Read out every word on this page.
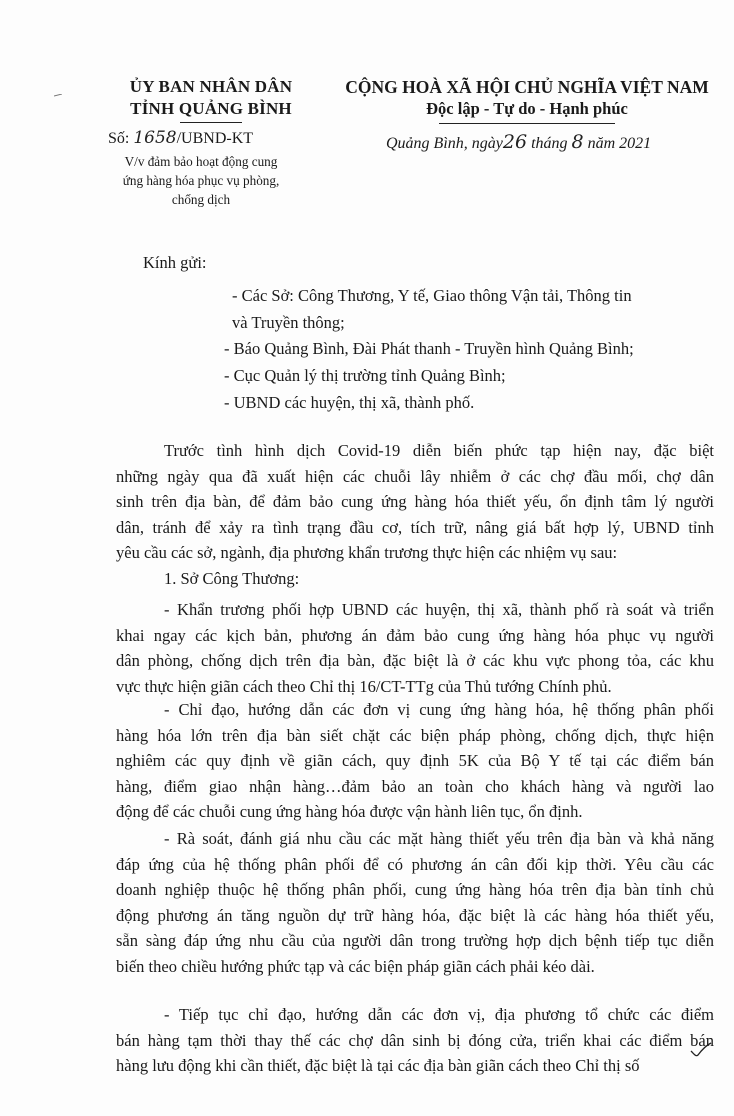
ỦY BAN NHÂN DÂN
TỈNH QUẢNG BÌNH
CỘNG HOÀ XÃ HỘI CHỦ NGHĨA VIỆT NAM
Độc lập - Tự do - Hạnh phúc
Số: 1658/UBND-KT
V/v đảm bảo hoạt động cung
ứng hàng hóa phục vụ phòng,
chống dịch
Quảng Bình, ngày26 tháng 8 năm 2021
Kính gửi:
- Các Sở: Công Thương, Y tế, Giao thông Vận tải, Thông tin
và Truyền thông;
- Báo Quảng Bình, Đài Phát thanh - Truyền hình Quảng Bình;
- Cục Quản lý thị trường tỉnh Quảng Bình;
- UBND các huyện, thị xã, thành phố.
Trước tình hình dịch Covid-19 diễn biến phức tạp hiện nay, đặc biệt
những ngày qua đã xuất hiện các chuỗi lây nhiễm ở các chợ đầu mối, chợ dân
sinh trên địa bàn, để đảm bảo cung ứng hàng hóa thiết yếu, ổn định tâm lý người
dân, tránh để xảy ra tình trạng đầu cơ, tích trữ, nâng giá bất hợp lý, UBND tỉnh
yêu cầu các sở, ngành, địa phương khẩn trương thực hiện các nhiệm vụ sau:
1. Sở Công Thương:
- Khẩn trương phối hợp UBND các huyện, thị xã, thành phố rà soát và triển
khai ngay các kịch bản, phương án đảm bảo cung ứng hàng hóa phục vụ người
dân phòng, chống dịch trên địa bàn, đặc biệt là ở các khu vực phong tỏa, các khu
vực thực hiện giãn cách theo Chỉ thị 16/CT-TTg của Thủ tướng Chính phủ.
- Chỉ đạo, hướng dẫn các đơn vị cung ứng hàng hóa, hệ thống phân phối
hàng hóa lớn trên địa bàn siết chặt các biện pháp phòng, chống dịch, thực hiện
nghiêm các quy định về giãn cách, quy định 5K của Bộ Y tế tại các điểm bán
hàng, điểm giao nhận hàng…đảm bảo an toàn cho khách hàng và người lao
động để các chuỗi cung ứng hàng hóa được vận hành liên tục, ổn định.
- Rà soát, đánh giá nhu cầu các mặt hàng thiết yếu trên địa bàn và khả năng
đáp ứng của hệ thống phân phối để có phương án cân đối kịp thời. Yêu cầu các
doanh nghiệp thuộc hệ thống phân phối, cung ứng hàng hóa trên địa bàn tỉnh chủ
động phương án tăng nguồn dự trữ hàng hóa, đặc biệt là các hàng hóa thiết yếu,
sẵn sàng đáp ứng nhu cầu của người dân trong trường hợp dịch bệnh tiếp tục diễn
biến theo chiều hướng phức tạp và các biện pháp giãn cách phải kéo dài.
- Tiếp tục chỉ đạo, hướng dẫn các đơn vị, địa phương tổ chức các điểm
bán hàng tạm thời thay thế các chợ dân sinh bị đóng cửa, triển khai các điểm bán
hàng lưu động khi cần thiết, đặc biệt là tại các địa bàn giãn cách theo Chỉ thị số
